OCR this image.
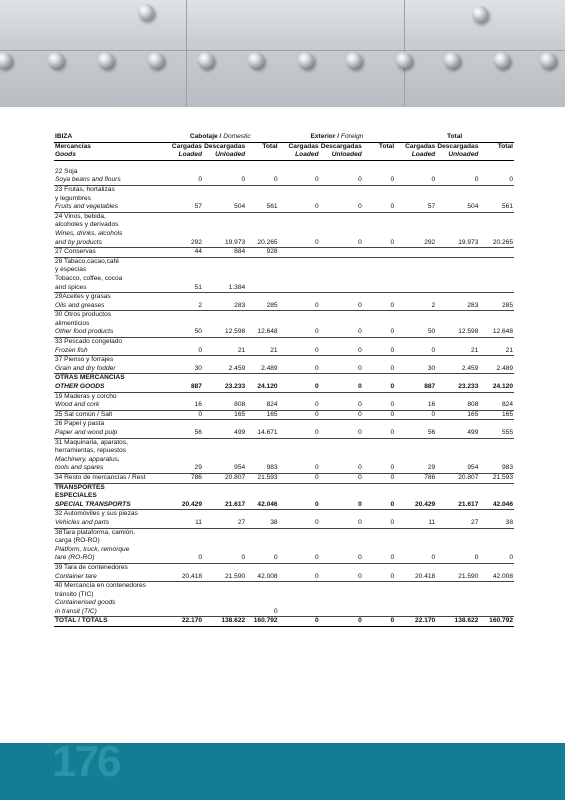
IBIZA	Cabotaje / Domestic			Exterior / Foreign			Total		
Mercancías	Cargadas	Descargadas	Total	Cargadas	Descargadas	Total	Cargadas	Descargadas	Total
Goods	Loaded	Unloaded		Loaded	Unloaded		Loaded	Unloaded	

22 Soja									
Soya beans and flours	0	0	0	0	0	0	0	0	0
23 Frutas, hortalizas									
y legumbres									
Fruits and vegetables	57	504	561	0	0	0	57	504	561
24 Vinos, bebida,									
alcoholes y derivados									
Wines, drinks, alcohols									
and by products	292	19.973	20.265	0	0	0	292	19.973	20.265
27 Conservas	44	884	928						
28 Tabaco,cacao,café									
y especias									
Tobacco, coffee, cocoa									
and spices	51	1.384							
29Aceites y grasas									
Oils and greases	2	283	285	0	0	0	2	283	285
30 Otros productos									
alimenticios									
Other food products	50	12.598	12.648	0	0	0	50	12.598	12.648
33 Pescado congelado									
Frozen fish	0	21	21	0	0	0	0	21	21
37 Pienso y forrajes									
Grain and dry fodder	30	2.459	2.489	0	0	0	30	2.459	2.489
OTRAS MERCANCIAS									
OTHER GOODS	887	23.233	24.120	0	0	0	887	23.233	24.120
19 Maderas y corcho									
Wood and cork	16	808	824	0	0	0	16	808	824
25 Sal común / Salt	0	165	165	0	0	0	0	165	165
26 Papel y pasta									
Paper and wood pulp	56	499	14.671	0	0	0	56	499	555
31 Maquinaria, aparatos,									
herramientas, repuestos									
Machinery, apparatus,									
tools and spares	29	954	983	0	0	0	29	954	983
34 Resto de mercancías / Rest	786	20.807	21.593	0	0	0	786	20.807	21.593
TRANSPORTES									
ESPECIALES									
SPECIAL TRANSPORTS	20.429	21.617	42.046	0	0	0	20.429	21.617	42.046
32 Automóviles y sus piezas									
Vehicles and parts	11	27	38	0	0	0	11	27	38
38Tara plataforma, camión,									
carga (RO-RO)									
Platform, truck, remorque									
tare (RO-RO)	0	0	0	0	0	0	0	0	0
39 Tara de contenedores									
Container tare	20.418	21.590	42.008	0	0	0	20.418	21.590	42.008
40 Mercancía en contenedores									
tránsito (TIC)									
Containerised goods									
in transit (TIC)			0						
TOTAL / TOTALS	22.170	138.622	160.792	0	0	0	22.170	138.622	160.792
176
